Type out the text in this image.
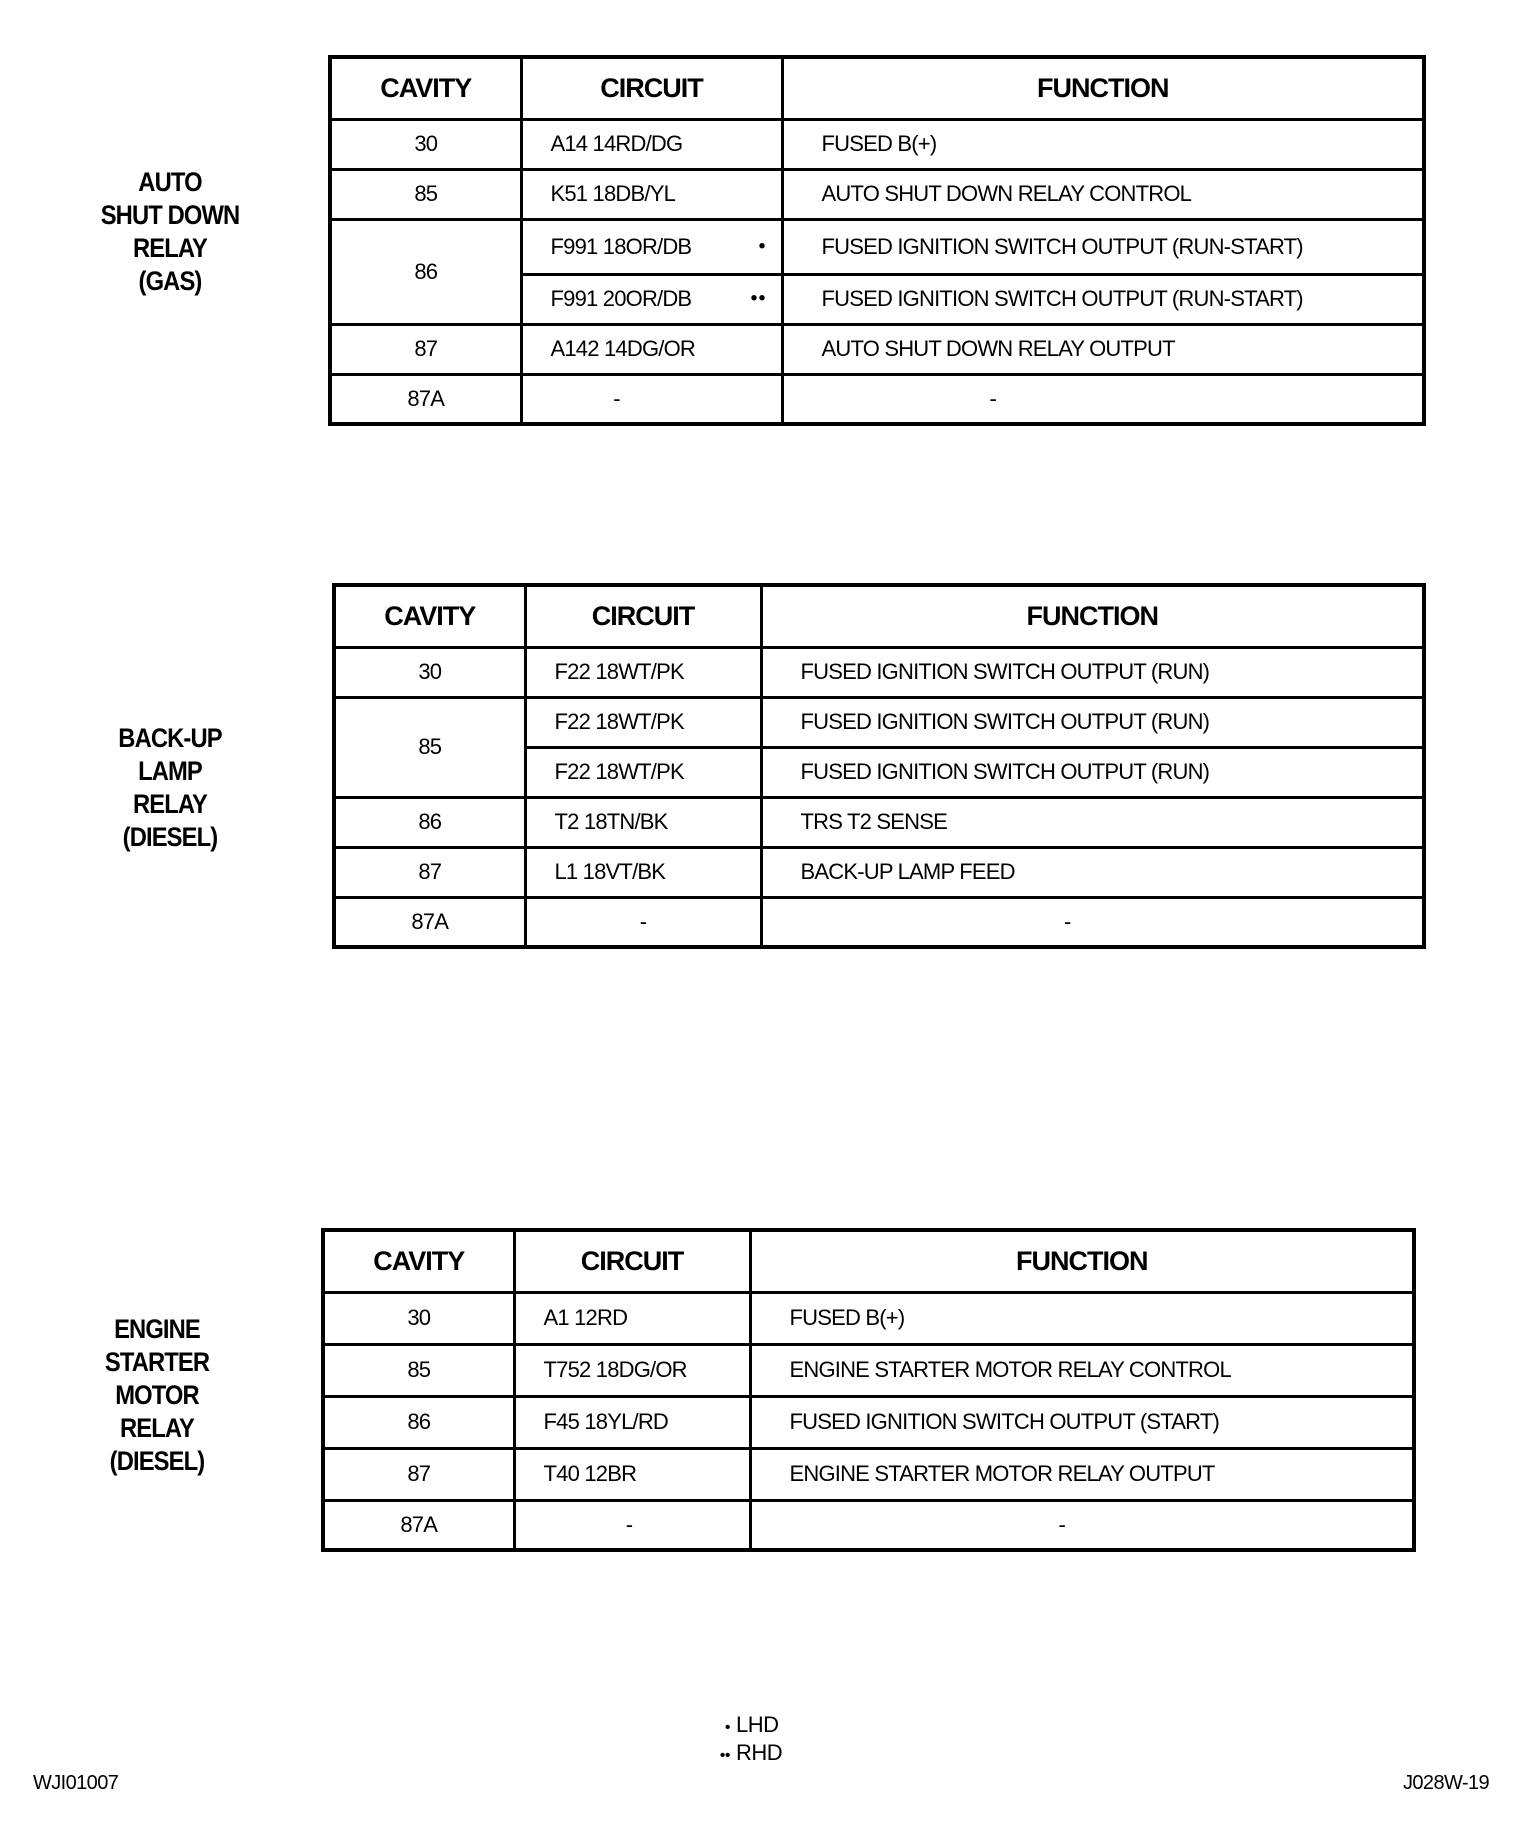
AUTO
SHUT DOWN
RELAY
(GAS)
CAVITY	CIRCUIT	FUNCTION
30	A14 14RD/DG	FUSED B(+)
85	K51 18DB/YL	AUTO SHUT DOWN RELAY CONTROL
86	F991 18OR/DB •	FUSED IGNITION SWITCH OUTPUT (RUN-START)
	F991 20OR/DB ••	FUSED IGNITION SWITCH OUTPUT (RUN-START)
87	A142 14DG/OR	AUTO SHUT DOWN RELAY OUTPUT
87A	-	-
BACK-UP
LAMP
RELAY
(DIESEL)
CAVITY	CIRCUIT	FUNCTION
30	F22 18WT/PK	FUSED IGNITION SWITCH OUTPUT (RUN)
85	F22 18WT/PK	FUSED IGNITION SWITCH OUTPUT (RUN)
	F22 18WT/PK	FUSED IGNITION SWITCH OUTPUT (RUN)
86	T2 18TN/BK	TRS T2 SENSE
87	L1 18VT/BK	BACK-UP LAMP FEED
87A	-	-
ENGINE
STARTER
MOTOR
RELAY
(DIESEL)
CAVITY	CIRCUIT	FUNCTION
30	A1 12RD	FUSED B(+)
85	T752 18DG/OR	ENGINE STARTER MOTOR RELAY CONTROL
86	F45 18YL/RD	FUSED IGNITION SWITCH OUTPUT (START)
87	T40 12BR	ENGINE STARTER MOTOR RELAY OUTPUT
87A	-	-
• LHD
•• RHD
WJI01007	J028W-19
